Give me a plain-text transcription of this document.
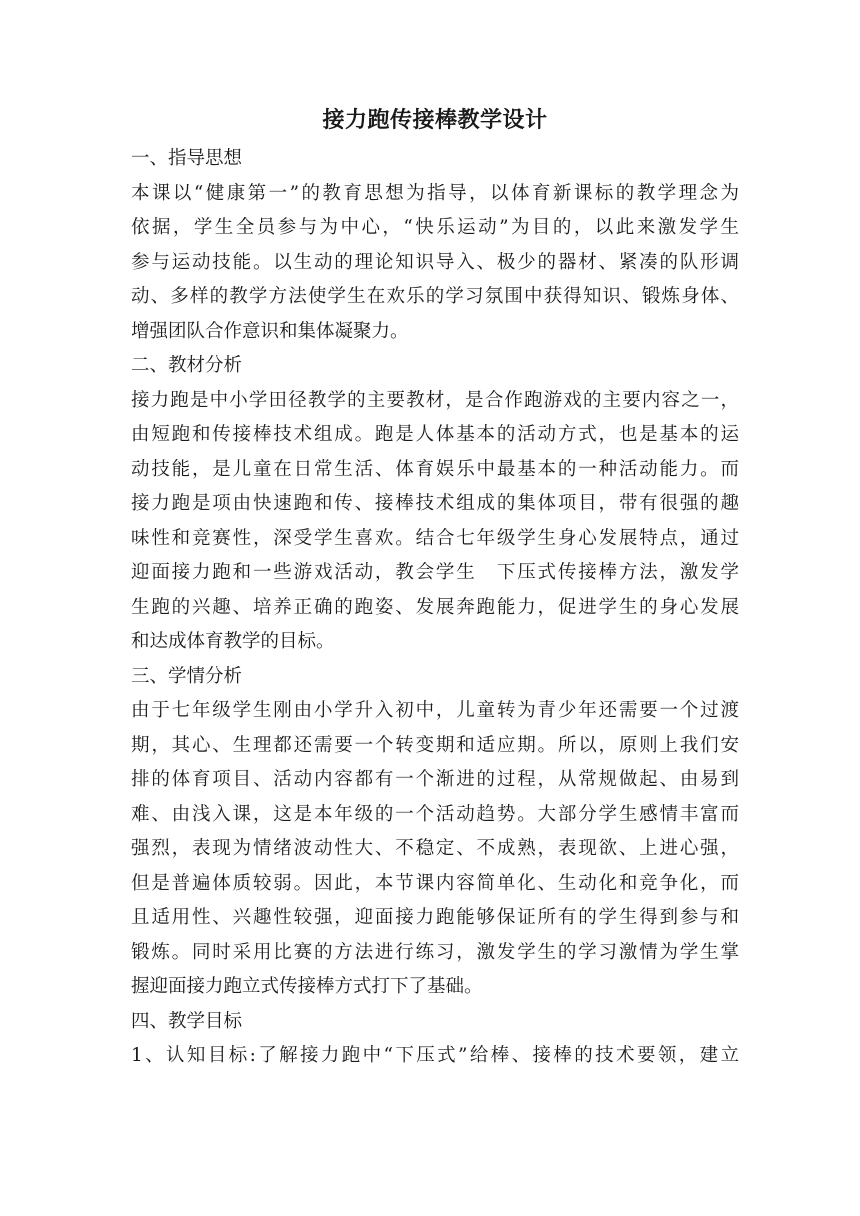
接力跑传接棒教学设计
一、指导思想
本课以“健康第一”的教育思想为指导，以体育新课标的教学理念为
依据，学生全员参与为中心，“快乐运动”为目的，以此来激发学生
参与运动技能。以生动的理论知识导入、极少的器材、紧凑的队形调
动、多样的教学方法使学生在欢乐的学习氛围中获得知识、锻炼身体、
增强团队合作意识和集体凝聚力。
二、教材分析
接力跑是中小学田径教学的主要教材，是合作跑游戏的主要内容之一，
由短跑和传接棒技术组成。跑是人体基本的活动方式，也是基本的运
动技能，是儿童在日常生活、体育娱乐中最基本的一种活动能力。而
接力跑是项由快速跑和传、接棒技术组成的集体项目，带有很强的趣
味性和竞赛性，深受学生喜欢。结合七年级学生身心发展特点，通过
迎面接力跑和一些游戏活动，教会学生　下压式传接棒方法，激发学
生跑的兴趣、培养正确的跑姿、发展奔跑能力，促进学生的身心发展
和达成体育教学的目标。
三、学情分析
由于七年级学生刚由小学升入初中，儿童转为青少年还需要一个过渡
期，其心、生理都还需要一个转变期和适应期。所以，原则上我们安
排的体育项目、活动内容都有一个渐进的过程，从常规做起、由易到
难、由浅入课，这是本年级的一个活动趋势。大部分学生感情丰富而
强烈，表现为情绪波动性大、不稳定、不成熟，表现欲、上进心强，
但是普遍体质较弱。因此，本节课内容简单化、生动化和竞争化，而
且适用性、兴趣性较强，迎面接力跑能够保证所有的学生得到参与和
锻炼。同时采用比赛的方法进行练习，激发学生的学习激情为学生掌
握迎面接力跑立式传接棒方式打下了基础。
四、教学目标
1、认知目标:了解接力跑中“下压式”给棒、接棒的技术要领，建立
